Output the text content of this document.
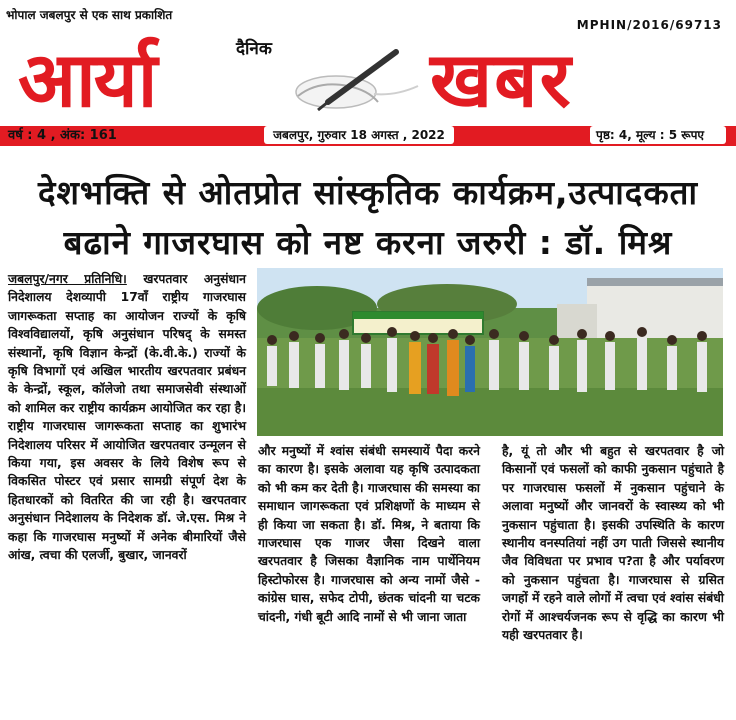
भोपाल जबलपुर से एक साथ प्रकाशित
MPHIN/2016/69713
दैनिक
आर्या	खबर
वर्ष : 4 , अंक: 161	जबलपुर, गुरुवार 18 अगस्त , 2022	पृष्ठ: 4, मूल्य : 5 रूपए
देशभक्ति से ओतप्रोत सांस्कृतिक कार्यक्रम,उत्पादकता
बढाने गाजरघास को नष्ट करना जरुरी : डॉ. मिश्र
जबलपुर/नगर प्रतिनिधि। खरपतवार अनुसंधान निदेशालय देशव्यापी 17वॉं राष्ट्रीय गाजरघास जागरूकता सप्ताह का आयोजन राज्यों के कृषि विश्वविद्यालयों, कृषि अनुसंधान परिषद् के समस्त संस्थानों, कृषि विज्ञान केन्द्रों (के.वी.के.) राज्यों के कृषि विभागों एवं अखिल भारतीय खरपतवार प्रबंधन के केन्द्रों, स्कूल, कॉलेजो तथा समाजसेवी संस्थाओं को शामिल कर राष्ट्रीय कार्यक्रम आयोजित कर रहा है। राष्ट्रीय गाजरघास जागरूकता सप्ताह का शुभारंभ निदेशालय परिसर में आयोजित खरपतवार उन्मूलन से किया गया, इस अवसर के लिये विशेष रूप से विकसित पोस्टर एवं प्रसार सामग्री संपूर्ण देश के हितधारकों को वितरित की जा रही है। खरपतवार अनुसंधान निदेशालय के निदेशक डॉ. जे.एस. मिश्र ने कहा कि गाजरघास मनुष्यों में अनेक बीमारियों जैसे आंख, त्वचा की एलर्जी, बुखार, जानवरों
और मनुष्यों में श्वांस संबंधी समस्यायें पैदा करने का कारण है। इसके अलावा यह कृषि उत्पादकता को भी कम कर देती है। गाजरघास की समस्या का समाधान जागरूकता एवं प्रशिक्षणों के माध्यम से ही किया जा सकता है। डॉ. मिश्र, ने बताया कि गाजरघास एक गाजर जैसा दिखने वाला खरपतवार है जिसका वैज्ञानिक नाम पार्थेनियम हिस्टोफोरस है। गाजरघास को अन्य नामों जैसे - कांग्रेस घास, सफेद टोपी, छंतक चांदनी या चटक चांदनी, गंधी बूटी आदि नामों से भी जाना जाता
है, यूं तो और भी बहुत से खरपतवार है जो किसानों एवं फसलों को काफी नुकसान पहुंचाते है पर गाजरघास फसलों में नुकसान पहुंचाने के अलावा मनुष्यों और जानवरों के स्वास्थ्य को भी नुकसान पहुंचाता है। इसकी उपस्थिति के कारण स्थानीय वनस्पतियां नहीं उग पाती जिससे स्थानीय जैव विविधता पर प्रभाव प?ता है और पर्यावरण को नुकसान पहुंचता है। गाजरघास से ग्रसित जगहों में रहने वाले लोगों में त्वचा एवं श्वांस संबंधी रोगों में आश्चर्यजनक रूप से वृद्धि का कारण भी यही खरपतवार है।
